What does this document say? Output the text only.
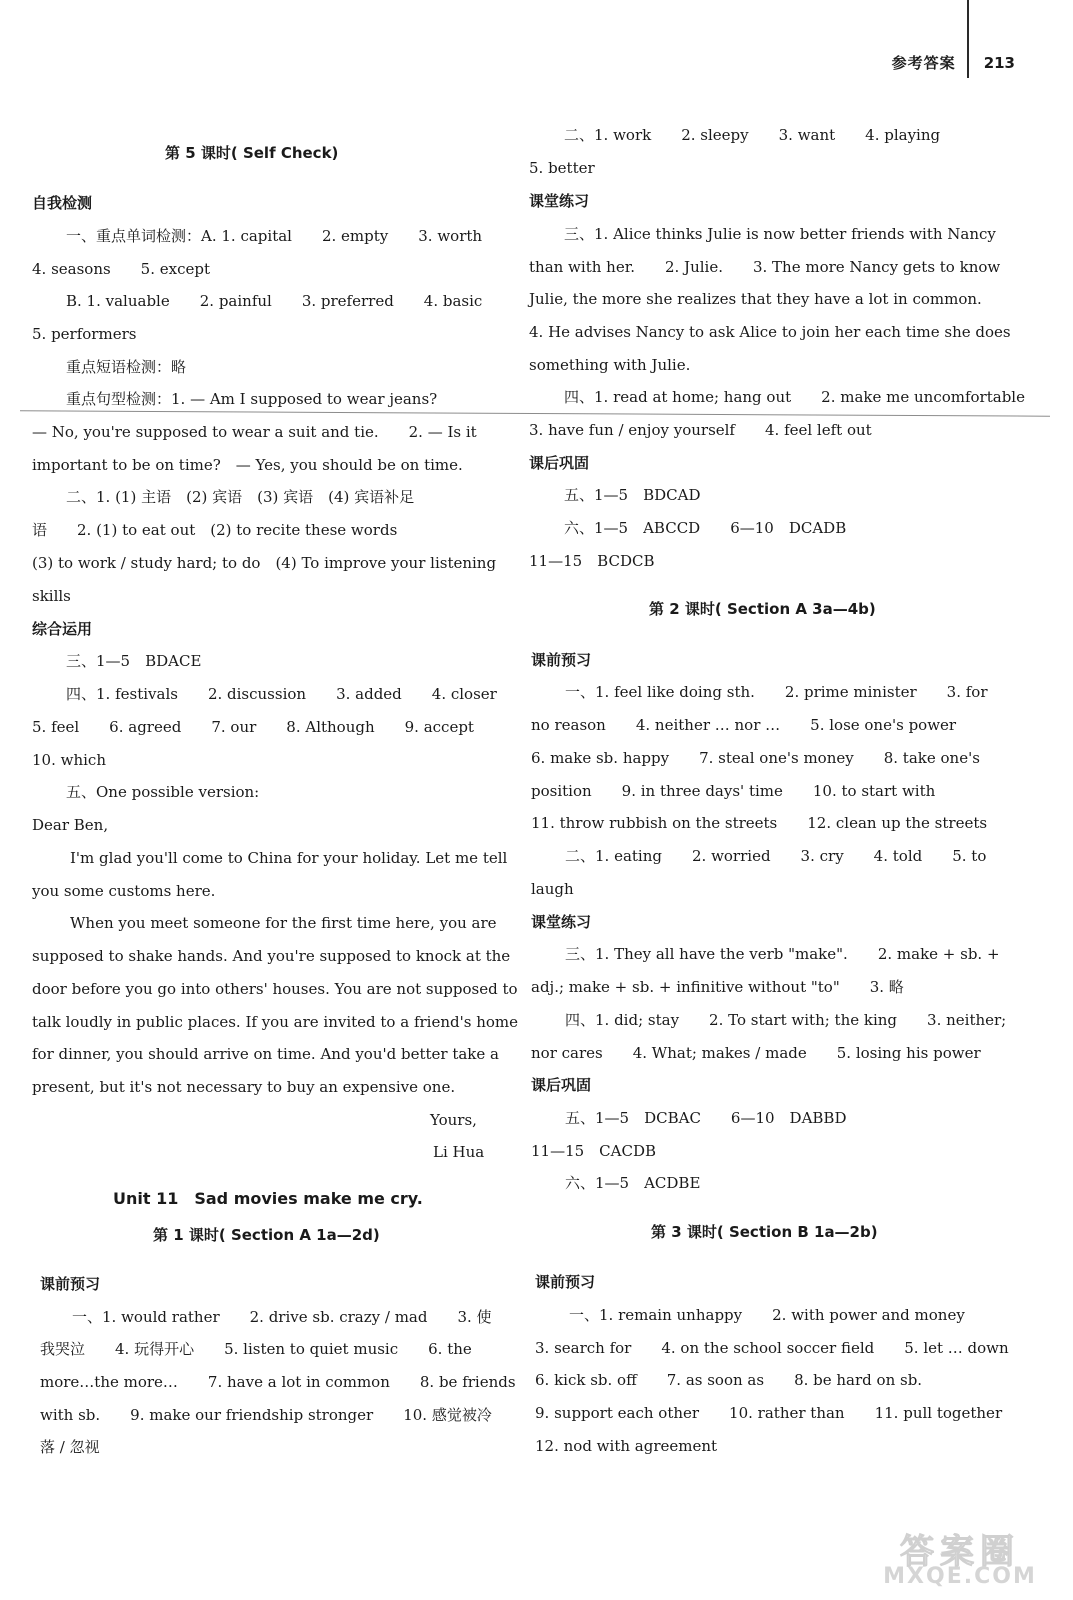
参考答案 213
第 5 课时( Self Check)
自我检测
一、重点单词检测：A. 1. capital　　2. empty　　3. worth
4. seasons　　5. except
B. 1. valuable　　2. painful　　3. preferred　　4. basic
5. performers
重点短语检测：略
重点句型检测：1. — Am I supposed to wear jeans?
— No, you're supposed to wear a suit and tie.　　2. — Is it
important to be on time?　— Yes, you should be on time.
二、1. (1) 主语　(2) 宾语　(3) 宾语　(4) 宾语补足
语　　2. (1) to eat out　(2) to recite these words
(3) to work / study hard; to do　(4) To improve your listening
skills
综合运用
三、1—5　BDACE
四、1. festivals　　2. discussion　　3. added　　4. closer
5. feel　　6. agreed　　7. our　　8. Although　　9. accept
10. which
五、One possible version:
Dear Ben,
I'm glad you'll come to China for your holiday. Let me tell
you some customs here.
When you meet someone for the first time here, you are
supposed to shake hands. And you're supposed to knock at the
door before you go into others' houses. You are not supposed to
talk loudly in public places. If you are invited to a friend's home
for dinner, you should arrive on time. And you'd better take a
present, but it's not necessary to buy an expensive one.
Yours,
Li Hua
Unit 11　Sad movies make me cry.
第 1 课时( Section A 1a—2d)
课前预习
一、1. would rather　　2. drive sb. crazy / mad　　3. 使
我哭泣　　4. 玩得开心　　5. listen to quiet music　　6. the
more…the more…　　7. have a lot in common　　8. be friends
with sb.　　9. make our friendship stronger　　10. 感觉被冷
落 / 忽视
二、1. work　　2. sleepy　　3. want　　4. playing
5. better
课堂练习
三、1. Alice thinks Julie is now better friends with Nancy
than with her.　　2. Julie.　　3. The more Nancy gets to know
Julie, the more she realizes that they have a lot in common.
4. He advises Nancy to ask Alice to join her each time she does
something with Julie.
四、1. read at home; hang out　　2. make me uncomfortable
3. have fun / enjoy yourself　　4. feel left out
课后巩固
五、1—5　BDCAD
六、1—5　ABCCD　　6—10　DCADB
11—15　BCDCB
第 2 课时( Section A 3a—4b)
课前预习
一、1. feel like doing sth.　　2. prime minister　　3. for
no reason　　4. neither … nor …　　5. lose one's power
6. make sb. happy　　7. steal one's money　　8. take one's
position　　9. in three days' time　　10. to start with
11. throw rubbish on the streets　　12. clean up the streets
二、1. eating　　2. worried　　3. cry　　4. told　　5. to
laugh
课堂练习
三、1. They all have the verb "make".　　2. make + sb. +
adj.; make + sb. + infinitive without "to"　　3. 略
四、1. did; stay　　2. To start with; the king　　3. neither;
nor cares　　4. What; makes / made　　5. losing his power
课后巩固
五、1—5　DCBAC　　6—10　DABBD
11—15　CACDB
六、1—5　ACDBE
第 3 课时( Section B 1a—2b)
课前预习
一、1. remain unhappy　　2. with power and money
3. search for　　4. on the school soccer field　　5. let … down
6. kick sb. off　　7. as soon as　　8. be hard on sb.
9. support each other　　10. rather than　　11. pull together
12. nod with agreement
答案圈
MXQE.COM
